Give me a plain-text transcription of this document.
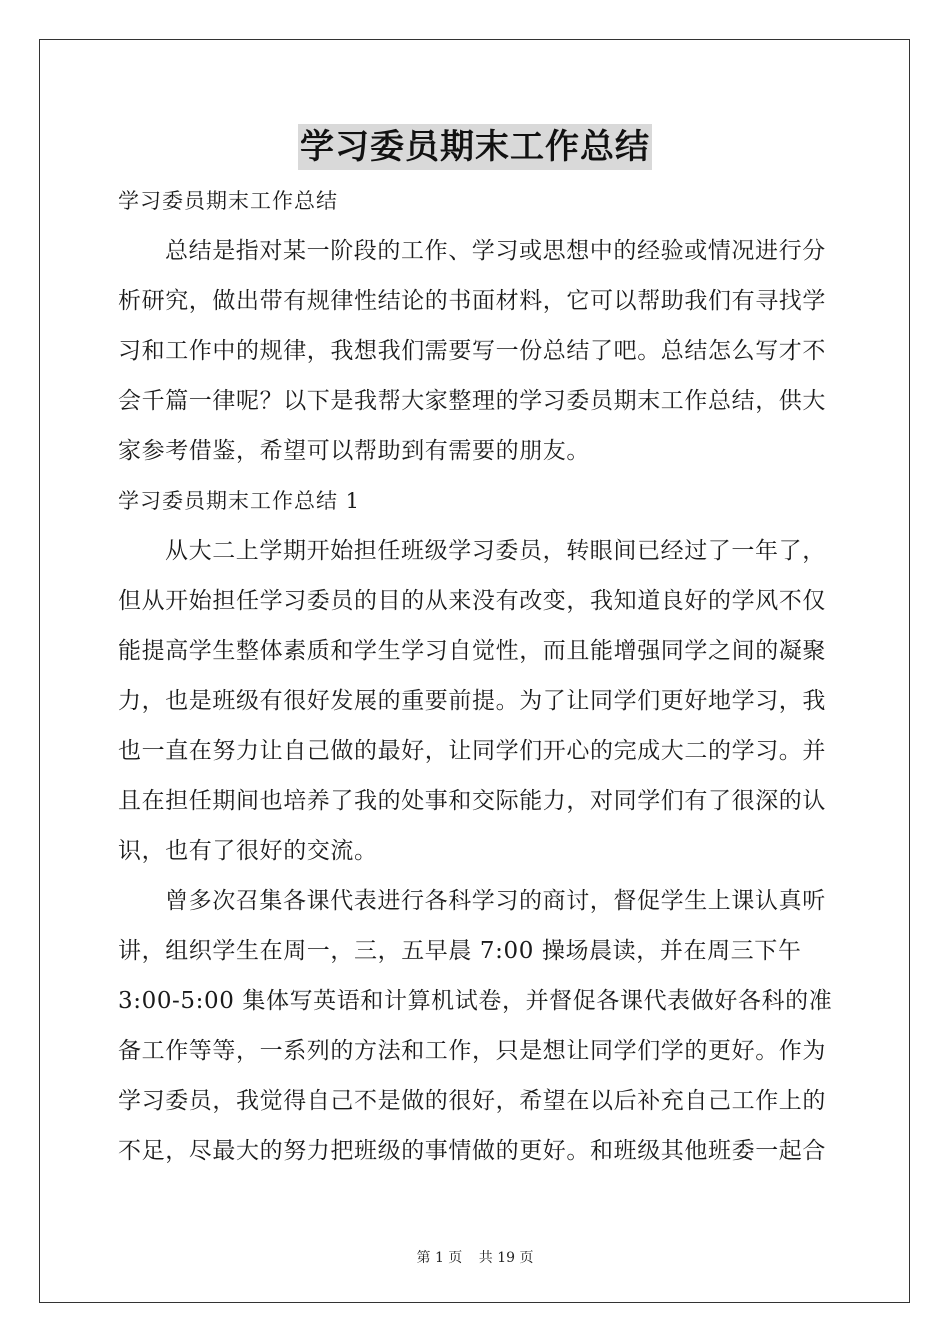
学习委员期末工作总结
学习委员期末工作总结
总结是指对某一阶段的工作、学习或思想中的经验或情况进行分
析研究，做出带有规律性结论的书面材料，它可以帮助我们有寻找学
习和工作中的规律，我想我们需要写一份总结了吧。总结怎么写才不
会千篇一律呢？以下是我帮大家整理的学习委员期末工作总结，供大
家参考借鉴，希望可以帮助到有需要的朋友。
学习委员期末工作总结 1
从大二上学期开始担任班级学习委员，转眼间已经过了一年了，
但从开始担任学习委员的目的从来没有改变，我知道良好的学风不仅
能提高学生整体素质和学生学习自觉性，而且能增强同学之间的凝聚
力，也是班级有很好发展的重要前提。为了让同学们更好地学习，我
也一直在努力让自己做的最好，让同学们开心的完成大二的学习。并
且在担任期间也培养了我的处事和交际能力，对同学们有了很深的认
识，也有了很好的交流。
曾多次召集各课代表进行各科学习的商讨，督促学生上课认真听
讲，组织学生在周一，三，五早晨 7:00 操场晨读，并在周三下午
3:00-5:00 集体写英语和计算机试卷，并督促各课代表做好各科的准
备工作等等，一系列的方法和工作，只是想让同学们学的更好。作为
学习委员，我觉得自己不是做的很好，希望在以后补充自己工作上的
不足，尽最大的努力把班级的事情做的更好。和班级其他班委一起合
第 1 页 共 19 页
